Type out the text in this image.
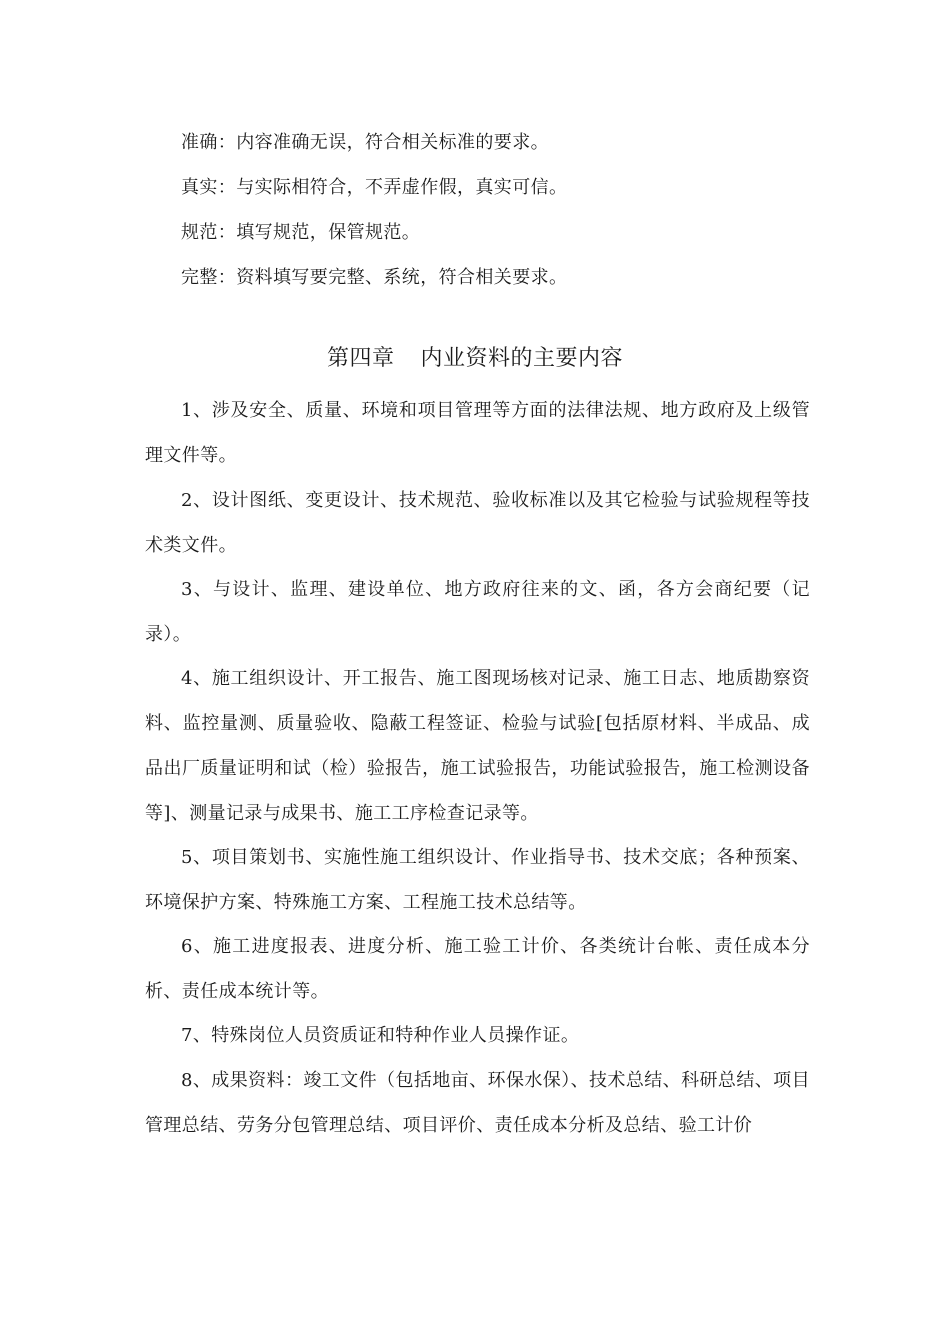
准确：内容准确无误，符合相关标准的要求。

真实：与实际相符合，不弄虚作假，真实可信。

规范：填写规范，保管规范。

完整：资料填写要完整、系统，符合相关要求。

第四章 内业资料的主要内容

1、涉及安全、质量、环境和项目管理等方面的法律法规、地方政府及上级管理文件等。

2、设计图纸、变更设计、技术规范、验收标准以及其它检验与试验规程等技术类文件。

3、与设计、监理、建设单位、地方政府往来的文、函，各方会商纪要（记录）。

4、施工组织设计、开工报告、施工图现场核对记录、施工日志、地质勘察资料、监控量测、质量验收、隐蔽工程签证、检验与试验[包括原材料、半成品、成品出厂质量证明和试（检）验报告，施工试验报告，功能试验报告，施工检测设备等]、测量记录与成果书、施工工序检查记录等。

5、项目策划书、实施性施工组织设计、作业指导书、技术交底；各种预案、环境保护方案、特殊施工方案、工程施工技术总结等。

6、施工进度报表、进度分析、施工验工计价、各类统计台帐、责任成本分析、责任成本统计等。

7、特殊岗位人员资质证和特种作业人员操作证。

8、成果资料：竣工文件（包括地亩、环保水保）、技术总结、科研总结、项目管理总结、劳务分包管理总结、项目评价、责任成本分析及总结、验工计价
